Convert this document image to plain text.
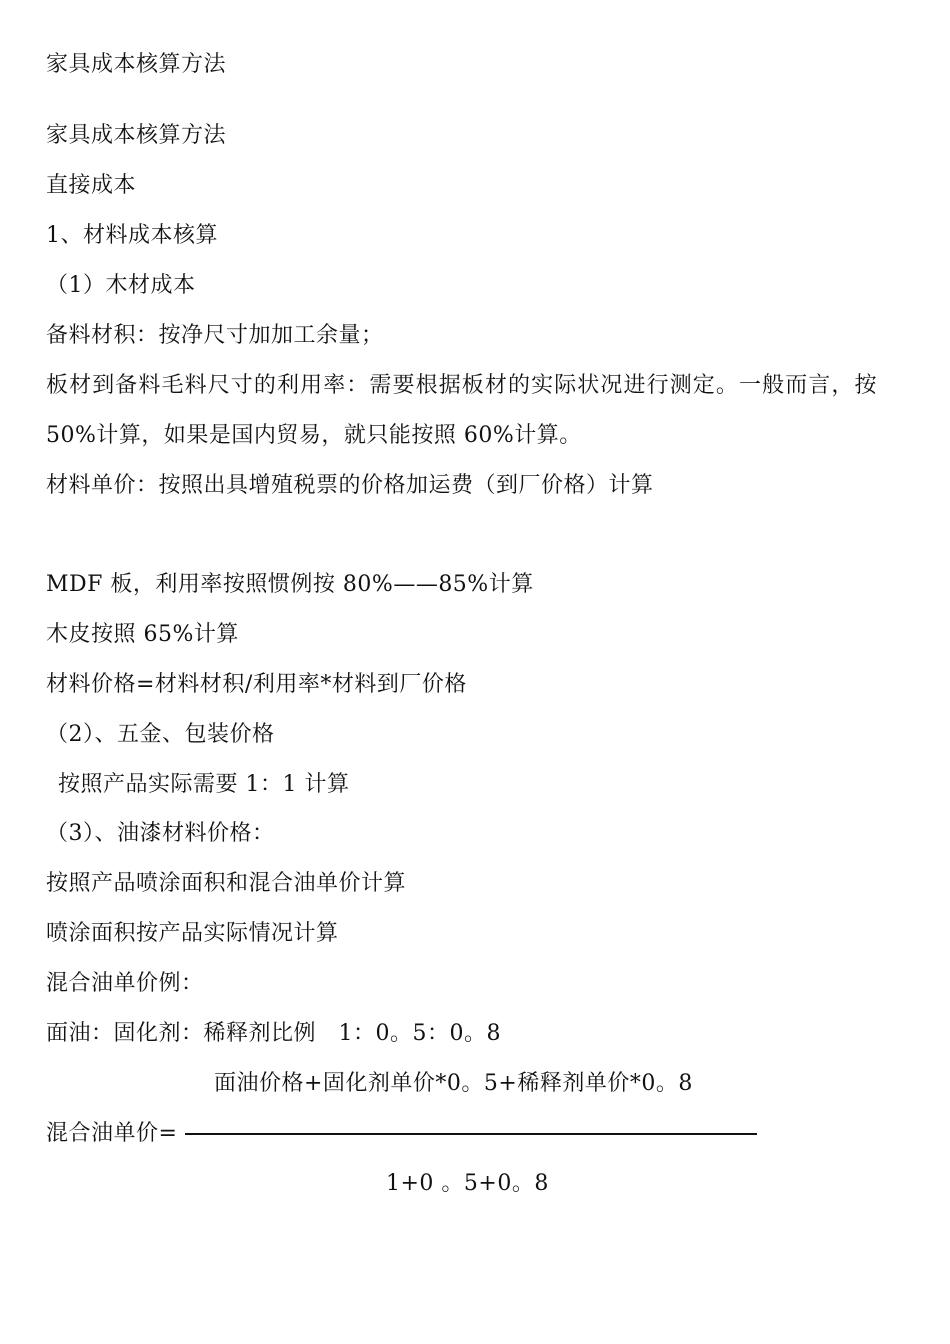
家具成本核算方法
家具成本核算方法
直接成本
1、材料成本核算
（1）木材成本
备料材积：按净尺寸加加工余量；
板材到备料毛料尺寸的利用率：需要根据板材的实际状况进行测定。一般而言，按
50%计算，如果是国内贸易，就只能按照 60%计算。
材料单价：按照出具增殖税票的价格加运费（到厂价格）计算
MDF 板，利用率按照惯例按 80%——85%计算
木皮按照 65%计算
材料价格=材料材积/利用率*材料到厂价格
（2）、五金、包装价格
按照产品实际需要 1：1 计算
（3）、油漆材料价格：
按照产品喷涂面积和混合油单价计算
喷涂面积按产品实际情况计算
混合油单价例：
面油：固化剂：稀释剂比例　1：0。5：0。8
面油价格+固化剂单价*0。5+稀释剂单价*0。8
混合油单价=
1+0 。5+0。8
